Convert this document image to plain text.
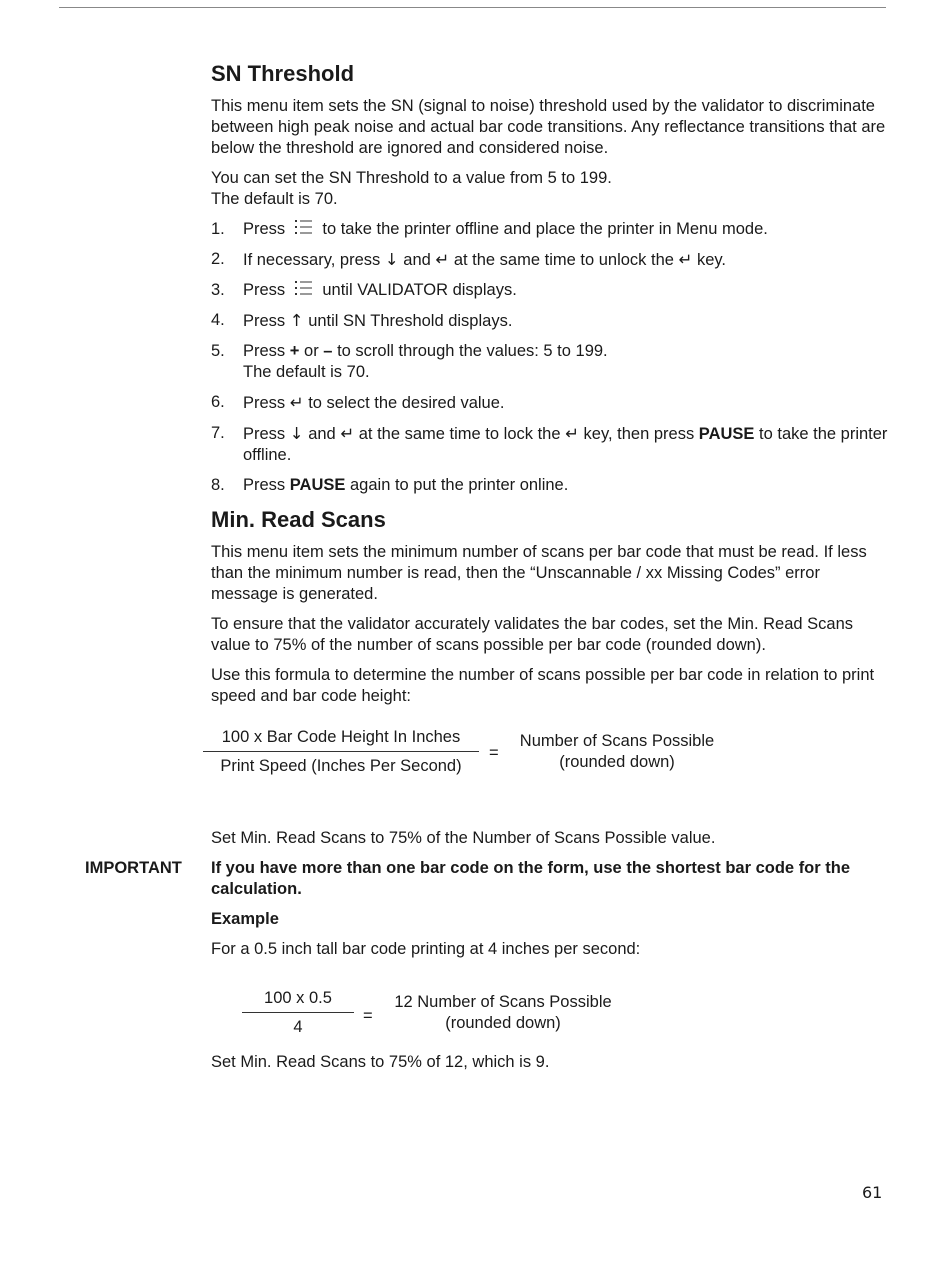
SN Threshold

This menu item sets the SN (signal to noise) threshold used by the validator to discriminate between high peak noise and actual bar code transitions. Any reflectance transitions that are below the threshold are ignored and considered noise.

You can set the SN Threshold to a value from 5 to 199.
The default is 70.

1. Press to take the printer offline and place the printer in Menu mode.
2. If necessary, press ↓ and ↵ at the same time to unlock the ↵ key.
3. Press until VALIDATOR displays.
4. Press ↑ until SN Threshold displays.
5. Press + or – to scroll through the values: 5 to 199.
The default is 70.
6. Press ↵ to select the desired value.
7. Press ↓ and ↵ at the same time to lock the ↵ key, then press PAUSE to take the printer offline.
8. Press PAUSE again to put the printer online.
Min. Read Scans

This menu item sets the minimum number of scans per bar code that must be read. If less than the minimum number is read, then the “Unscannable / xx Missing Codes” error message is generated.

To ensure that the validator accurately validates the bar codes, set the Min. Read Scans value to 75% of the number of scans possible per bar code (rounded down).

Use this formula to determine the number of scans possible per bar code in relation to print speed and bar code height:

100 x Bar Code Height In Inches
Print Speed (Inches Per Second)
=
Number of Scans Possible
(rounded down)

Set Min. Read Scans to 75% of the Number of Scans Possible value.

IMPORTANT If you have more than one bar code on the form, use the shortest bar code for the calculation.

Example

For a 0.5 inch tall bar code printing at 4 inches per second:

$\frac{100 x 0.5}{4}$ =
12 Number of Scans Possible
(rounded down)

Set Min. Read Scans to 75% of 12, which is 9.

61
